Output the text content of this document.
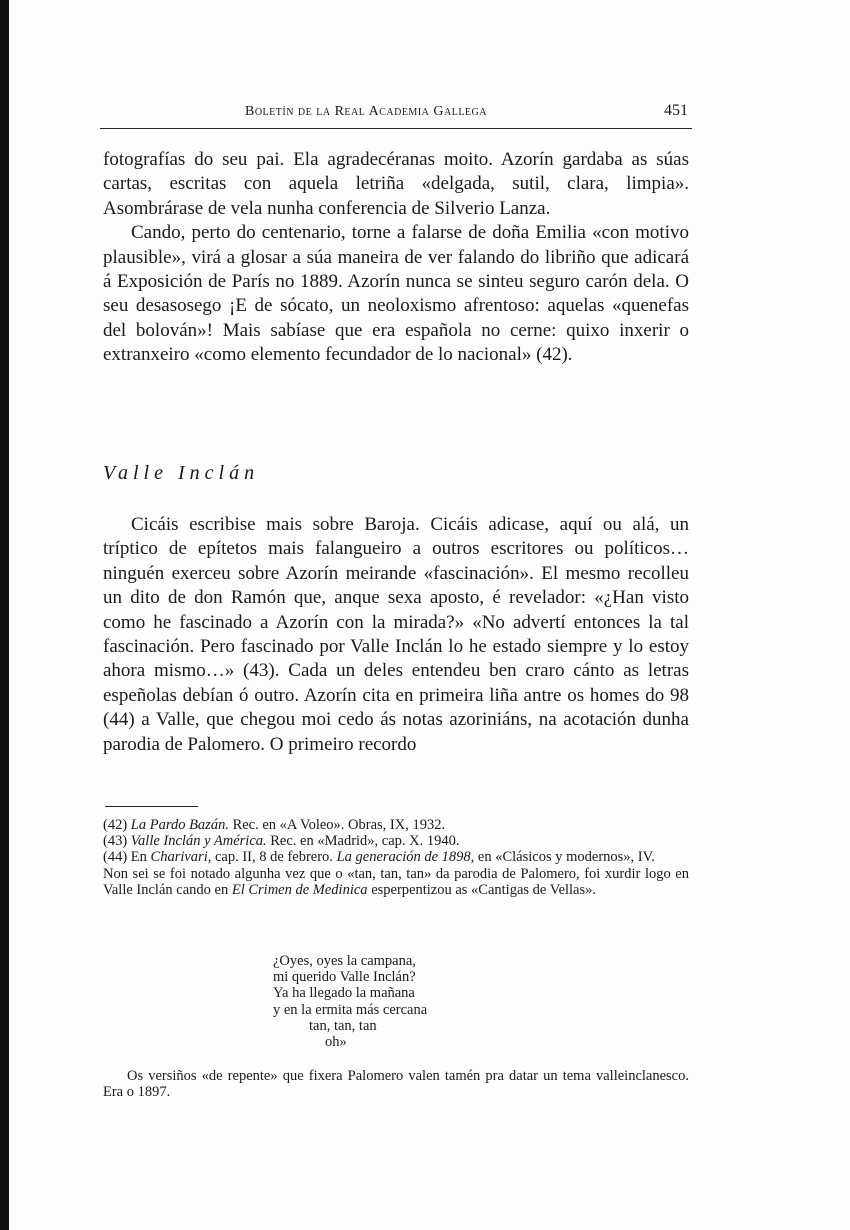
Boletín de la Real Academia Gallega	451

fotografías do seu pai. Ela agradecéranas moito. Azorín gardaba as súas cartas, escritas con aquela letriña «delgada, sutil, clara, limpia». Asombrárase de vela nunha conferencia de Silverio Lanza.

Cando, perto do centenario, torne a falarse de doña Emilia «con motivo plausible», virá a glosar a súa maneira de ver falando do libriño que adicará á Exposición de París no 1889. Azorín nunca se sinteu seguro carón dela. O seu desasosego ¡E de sócato, un neoloxismo afrentoso: aquelas «quenefas del bolován»! Mais sabíase que era española no cerne: quixo inxerir o extranxeiro «como elemento fecundador de lo nacional» (42).

Valle Inclán

Cicáis escribise mais sobre Baroja. Cicáis adicase, aquí ou alá, un tríptico de epítetos mais falangueiro a outros escritores ou políticos… ninguén exerceu sobre Azorín meirande «fascinación». El mesmo recolleu un dito de don Ramón que, anque sexa aposto, é revelador: «¿Han visto como he fascinado a Azorín con la mirada?» «No advertí entonces la tal fascinación. Pero fascinado por Valle Inclán lo he estado siempre y lo estoy ahora mismo…» (43). Cada un deles entendeu ben craro cánto as letras espeñolas debían ó outro. Azorín cita en primeira liña antre os homes do 98 (44) a Valle, que chegou moi cedo ás notas azoriniáns, na acotación dunha parodia de Palomero. O primeiro recordo

(42) La Pardo Bazán. Rec. en «A Voleo». Obras, IX, 1932.

(43) Valle Inclán y América. Rec. en «Madrid», cap. X. 1940.

(44) En Charivari, cap. II, 8 de febrero. La generación de 1898, en «Clásicos y modernos», IV.

Non sei se foi notado algunha vez que o «tan, tan, tan» da parodia de Palomero, foi xurdir logo en Valle Inclán cando en El Crimen de Medinica esperpentizou as «Cantigas de Vellas».

¿Oyes, oyes la campana,
mi querido Valle Inclán?
Ya ha llegado la mañana
y en la ermita más cercana
tan, tan, tan
oh»

Os versiños «de repente» que fixera Palomero valen tamén pra datar un tema valleinclanesco. Era o 1897.
